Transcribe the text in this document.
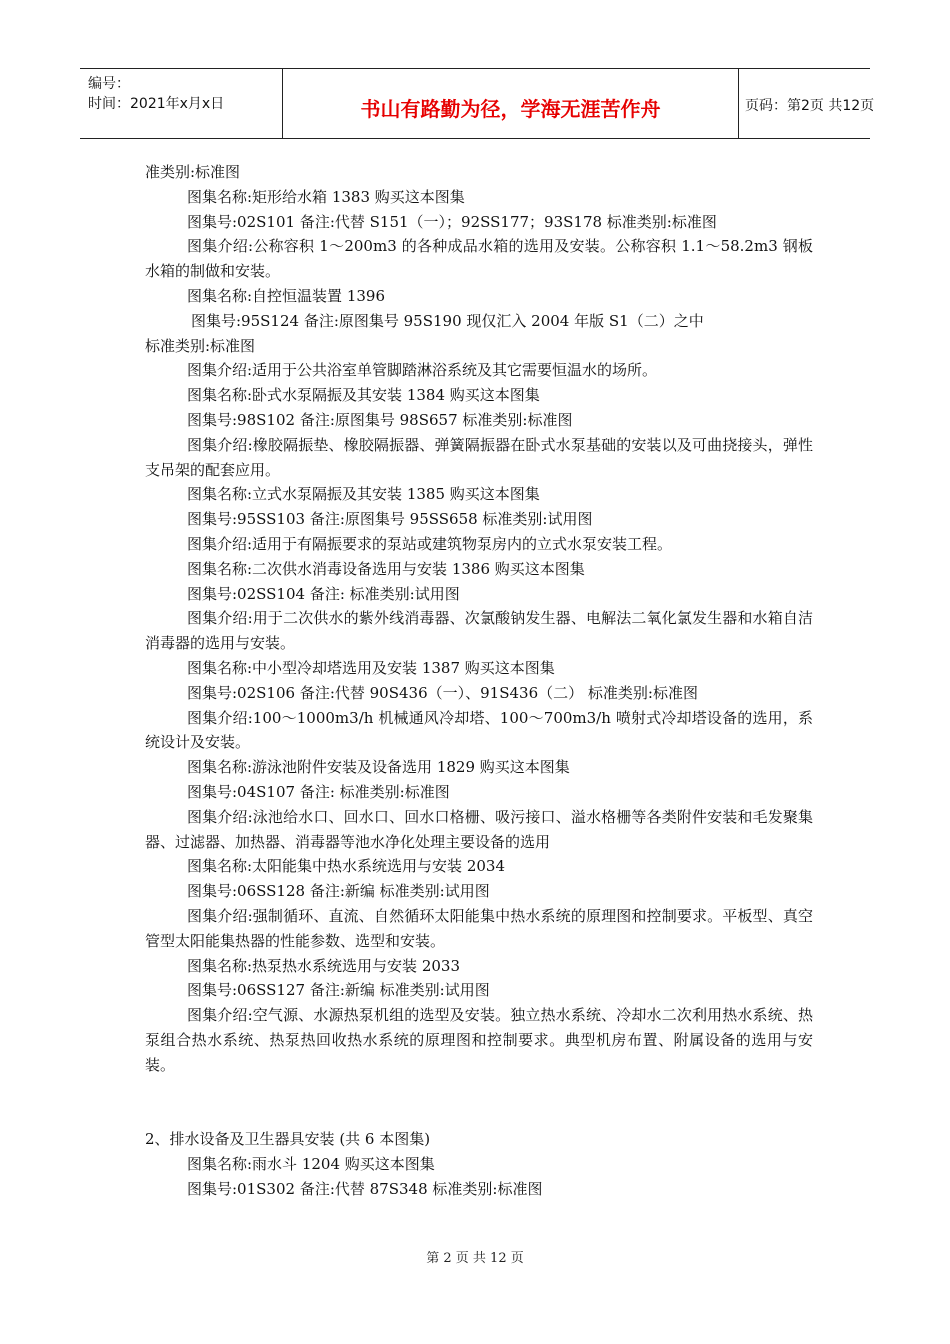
编号：
时间：2021年x月x日	书山有路勤为径，学海无涯苦作舟	页码：第2页 共12页

准类别:标准图

图集名称:矩形给水箱 1383 购买这本图集

图集号:02S101 备注:代替 S151（一）；92SS177；93S178 标准类别:标准图

图集介绍:公称容积 1～200m3 的各种成品水箱的选用及安装。公称容积 1.1～58.2m3 钢板水箱的制做和安装。

图集名称:自控恒温装置 1396

图集号:95S124 备注:原图集号 95S190 现仅汇入 2004 年版 S1（二）之中

标准类别:标准图

图集介绍:适用于公共浴室单管脚踏淋浴系统及其它需要恒温水的场所。

图集名称:卧式水泵隔振及其安装 1384 购买这本图集

图集号:98S102 备注:原图集号 98S657 标准类别:标准图

图集介绍:橡胶隔振垫、橡胶隔振器、弹簧隔振器在卧式水泵基础的安装以及可曲挠接头，弹性支吊架的配套应用。

图集名称:立式水泵隔振及其安装 1385 购买这本图集

图集号:95SS103 备注:原图集号 95SS658 标准类别:试用图

图集介绍:适用于有隔振要求的泵站或建筑物泵房内的立式水泵安装工程。

图集名称:二次供水消毒设备选用与安装 1386 购买这本图集

图集号:02SS104 备注: 标准类别:试用图

图集介绍:用于二次供水的紫外线消毒器、次氯酸钠发生器、电解法二氧化氯发生器和水箱自洁消毒器的选用与安装。

图集名称:中小型冷却塔选用及安装 1387 购买这本图集

图集号:02S106 备注:代替 90S436（一）、91S436（二） 标准类别:标准图

图集介绍:100～1000m3/h 机械通风冷却塔、100～700m3/h 喷射式冷却塔设备的选用，系统设计及安装。

图集名称:游泳池附件安装及设备选用 1829 购买这本图集

图集号:04S107 备注: 标准类别:标准图

图集介绍:泳池给水口、回水口、回水口格栅、吸污接口、溢水格栅等各类附件安装和毛发聚集器、过滤器、加热器、消毒器等池水净化处理主要设备的选用

图集名称:太阳能集中热水系统选用与安装 2034

图集号:06SS128 备注:新编 标准类别:试用图

图集介绍:强制循环、直流、自然循环太阳能集中热水系统的原理图和控制要求。平板型、真空管型太阳能集热器的性能参数、选型和安装。

图集名称:热泵热水系统选用与安装 2033

图集号:06SS127 备注:新编 标准类别:试用图

图集介绍:空气源、水源热泵机组的选型及安装。独立热水系统、冷却水二次利用热水系统、热泵组合热水系统、热泵热回收热水系统的原理图和控制要求。典型机房布置、附属设备的选用与安装。

2、排水设备及卫生器具安装 (共 6 本图集)

图集名称:雨水斗 1204 购买这本图集

图集号:01S302 备注:代替 87S348 标准类别:标准图

第 2 页 共 12 页
